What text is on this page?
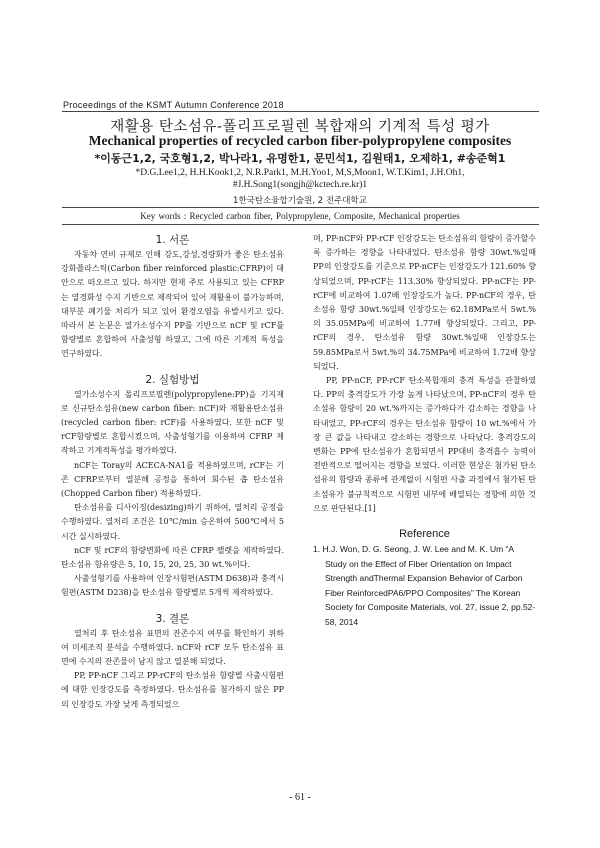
Proceedings of the KSMT Autumn Conference 2018
재활용 탄소섬유-폴리프로필렌 복합재의 기계적 특성 평가
Mechanical properties of recycled carbon fiber-polypropylene composites
*이동근1,2, 국호형1,2, 박나라1, 유명한1, 문민석1, 김원태1, 오제하1, #송준혁1
*D.G.Lee1,2, H.H.Kook1,2, N.R.Park1, M.H.Yoo1, M,S,Moon1, W.T.Kim1, J.H.Oh1,
#J.H.Song1(songjh@kctech.re.kr)1
1한국탄소융합기술원, 2 전주대학교
Key words : Recycled carbon fiber, Polypropylene, Composite, Mechanical properties
1. 서론

자동차 연비 규제로 인해 강도,강성,경량화가 좋은 탄소섬유 강화플라스틱(Carbon fiber reinforced plastic:CFRP)이 대안으로 떠오르고 있다. 하지만 현재 주로 사용되고 있는 CFRP는 열경화성 수지 기반으로 제작되어 있어 재활용이 불가능하며, 대부분 폐기물 처리가 되고 있어 환경오염을 유발시키고 있다. 따라서 본 논문은 열가소성수지 PP를 기반으로 nCF 및 rCF를 함량별로 혼합하여 사출성형 하였고, 그에 따른 기계적 특성을 연구하였다.

2. 실험방법

열가소성수지 폴리프로필렌(polypropylene:PP)을 기지재로 신규탄소섬유(new carbon fiber: nCF)와 재활용탄소섬유(recycled carbon fiber: rCF)를 사용하였다. 또한 nCF 및 rCF함량별로 혼합시켰으며, 사출성형기를 이용하여 CFRP 제작하고 기계적특성을 평가하였다.

nCF는 Toray의 ACECA-NA1를 적용하였으며, rCF는 기존 CFRP로부터 열분해 공정을 통하여 회수된 촙 탄소섬유(Chopped Carbon fiber) 적용하였다.

탄소섬유를 디사이징(desizing)하기 위하여, 열처리 공정을 수행하였다. 열처리 조건은 10℃/min 승온하여 500℃에서 5시간 실시하였다.

nCF 및 rCF의 함량변화에 따른 CFRP 팰렛을 제작하였다. 탄소섬유 함유량은 5, 10, 15, 20, 25, 30 wt.%이다.

사출성형기를 사용하여 인장시험편(ASTM D638)과 충격시험편(ASTM D238)을 탄소섬유 함량별로 5개씩 제작하였다.

3. 결론

열처리 후 탄소섬유 표면의 잔존수지 여부를 확인하기 위하여 미세조직 분석을 수행하였다. nCF와 rCF 모두 탄소섬유 표면에 수지의 잔존물이 남지 않고 열분해 되었다.

PP, PP-nCF 그리고 PP-rCF의 탄소섬유 함량별 사출시험편에 대한 인장강도를 측정하였다. 탄소섬유를 첨가하지 않은 PP의 인장강도 가장 낮게 측정되었으

며, PP-nCF와 PP-rCF 인장강도는 탄소섬유의 함량이 증가할수록 증가하는 경향을 나타내었다. 탄소섬유 함량 30wt.%일때 PP의 인장강도를 기준으로 PP-nCF는 인장강도가 121.60% 향상되었으며, PP-rCF는 113.30% 향상되었다. PP-nCF는 PP-rCF에 비교하여 1.07배 인장강도가 높다. PP-nCF의 경우, 탄소섬유 함량 30wt.%일때 인장강도는 62.18MPa로서 5wt.%의 35.05MPa에 비교하여 1.77배 향상되었다. 그리고, PP-rCF의 경우, 탄소섬유 함량 30wt.%일때 인장강도는 59.85MPa로서 5wt.%의 34.75MPa에 비교하여 1.72배 향상되었다.

PP, PP-nCF, PP-rCF 탄소복합재의 충격 특성을 관찰하였다. PP의 충격강도가 가장 높게 나타났으며, PP-nCF의 경우 탄소섬유 함량이 20 wt.%까지는 증가하다가 감소하는 경향을 나타내었고, PP-rCF의 경우는 탄소섬유 함량이 10 wt.%에서 가장 큰 값을 나타내고 감소하는 경향으로 나타났다. 충격강도의 변화는 PP에 탄소섬유가 혼합되면서 PP대비 충격흡수 능력이 전반적으로 떨어지는 경향을 보였다. 이러한 현상은 첨가된 탄소 섬유의 함량과 종류에 관계없이 시험편 사출 과정에서 첨가된 탄소섬유가 불규칙적으로 시험편 내부에 배열되는 경향에 의한 것으로 판단된다.[1]

Reference
1. H.J. Won, D. G. Seong, J. W. Lee and M. K. Um “A Study on the Effect of Fiber Orientation on Impact Strength andThermal Expansion Behavior of Carbon Fiber ReinforcedPA6/PPO Composites” The Korean Society for Composite Materials, vol. 27, issue 2, pp.52-58, 2014
- 61 -
